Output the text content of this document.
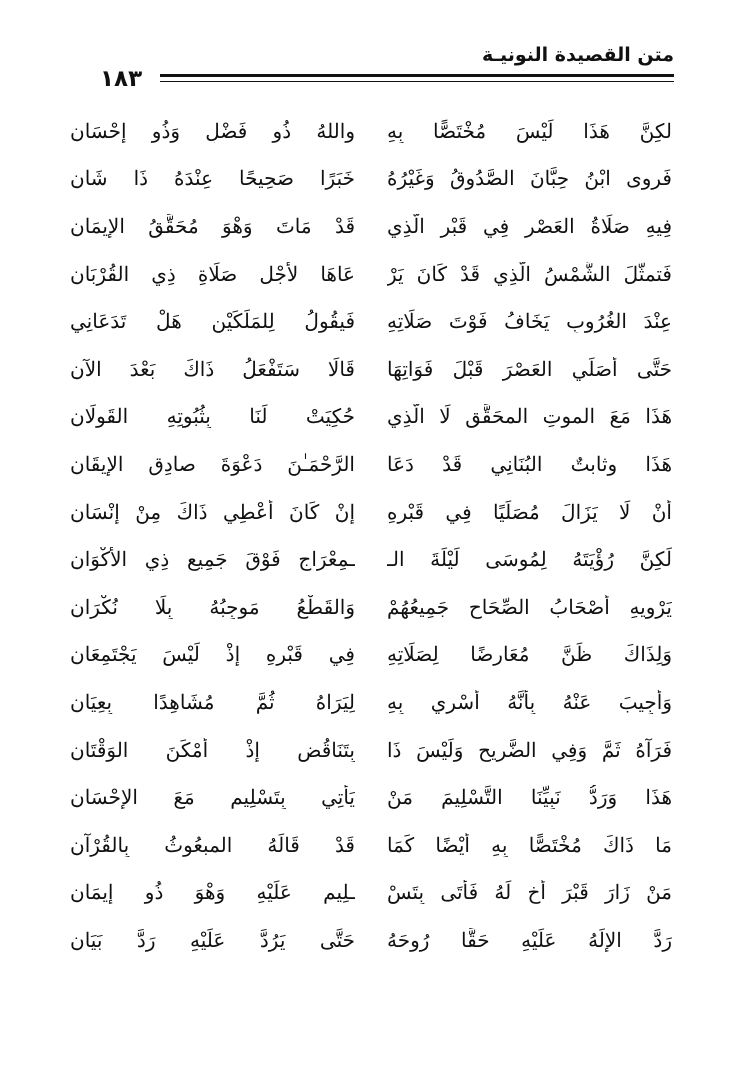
متن القصيدة النونيـة
١٨٣
لكِنَّ هَذَا لَيْسَ مُخْتَصًّا بِهِ
واللهُ ذُو فَضْلٍ وَذُو إِحْسَانِ
فَروى ابْنُ حِبَّانَ الصَّدُوقُ وَغَيْرُهُ
خَبَرًا صَحِيحًا عِنْدَهُ ذَا شَانِ
فِيهِ صَلَاةُ العَصْرِ فِي قَبْرِ الَّذِي
قَدْ مَاتَ وَهْوَ مُحَقَّقُ الإِيمَانِ
فَتمثَّلَ الشَّمْسُ الَّذِي قَدْ كَانَ يَرْ
عَاهَا لأَجْلِ صَلَاةِ ذِي القُرْبَانِ
عِنْدَ الغُرُوبِ يَخَافُ فَوْتَ صَلَاتِهِ
فَيقُولُ لِلمَلَكَيْنِ هَلْ تَدَعَانِي
حَتَّى أُصَلِّي العَصْرَ قَبْلَ فَوَاتِهَا
قَالَا سَتَفْعَلُ ذَاكَ بَعْدَ الآنِ
هَذَا مَعَ الموتِ المحَقَّقِ لَا الَّذِي
حُكِيَتْ لَنَا بِثُبُوتِهِ القَولَانِ
هَذَا وثابتٌ البُنَانِي قَدْ دَعَا
الرَّحْمَـٰنَ دَعْوَةَ صادِقِ الإِيقَانِ
أَنْ لَا يَزَالَ مُصَلِّيًا فِي قَبْرِهِ
إِنْ كَانَ أُعْطِي ذَاكَ مِنْ إِنْسَانِ
لَكِنَّ رُؤْيَتَهُ لِمُوسَى لَيْلَةَ الـ
ـمِعْرَاجِ فَوْقَ جَمِيعِ ذِي الأَكْوَانِ
يَرْوِيهِ أَصْحَابُ الصِّحَاحِ جَمِيعُهُمْ
وَالقَطْعُ مَوجِبُهُ بِلَا نُكْرَانِ
وَلِذَاكَ ظَنَّ مُعَارِضًا لِصَلَاتِهِ
فِي قَبْرِهِ إِذْ لَيْسَ يَجْتَمِعَانِ
وَأُجِيبَ عَنْهُ بِأَنَّهُ أُسْرِي بِهِ
لِيَرَاهُ ثُمَّ مُشَاهِدًا بِعِيَانِ
فَرَآهُ ثَمَّ وَفِي الضَّرِيحِ وَلَيْسَ ذَا
بِتَنَاقُضٍ إِذْ أَمْكَنَ الوَقْتَانِ
هَذَا وَرَدُّ نَبِيِّنَا التَّسْلِيمَ مَنْ
يَأْتِي بِتَسْلِيمٍ مَعَ الإِحْسَانِ
مَا ذَاكَ مُخْتَصًّا بِهِ أَيْضًا كَمَا
قَدْ قَالَهُ المبعُوثُ بِالقُرْآنِ
مَنْ زَارَ قَبْرَ أَخٍ لَهُ فَأَتَى بِتَسْ
ـلِيمٍ عَلَيْهِ وَهْوَ ذُو إِيمَانِ
رَدَّ الإِلَهُ عَلَيْهِ حَقًّا رُوحَهُ
حَتَّى يَرُدَّ عَلَيْهِ رَدَّ بَيَانِ
